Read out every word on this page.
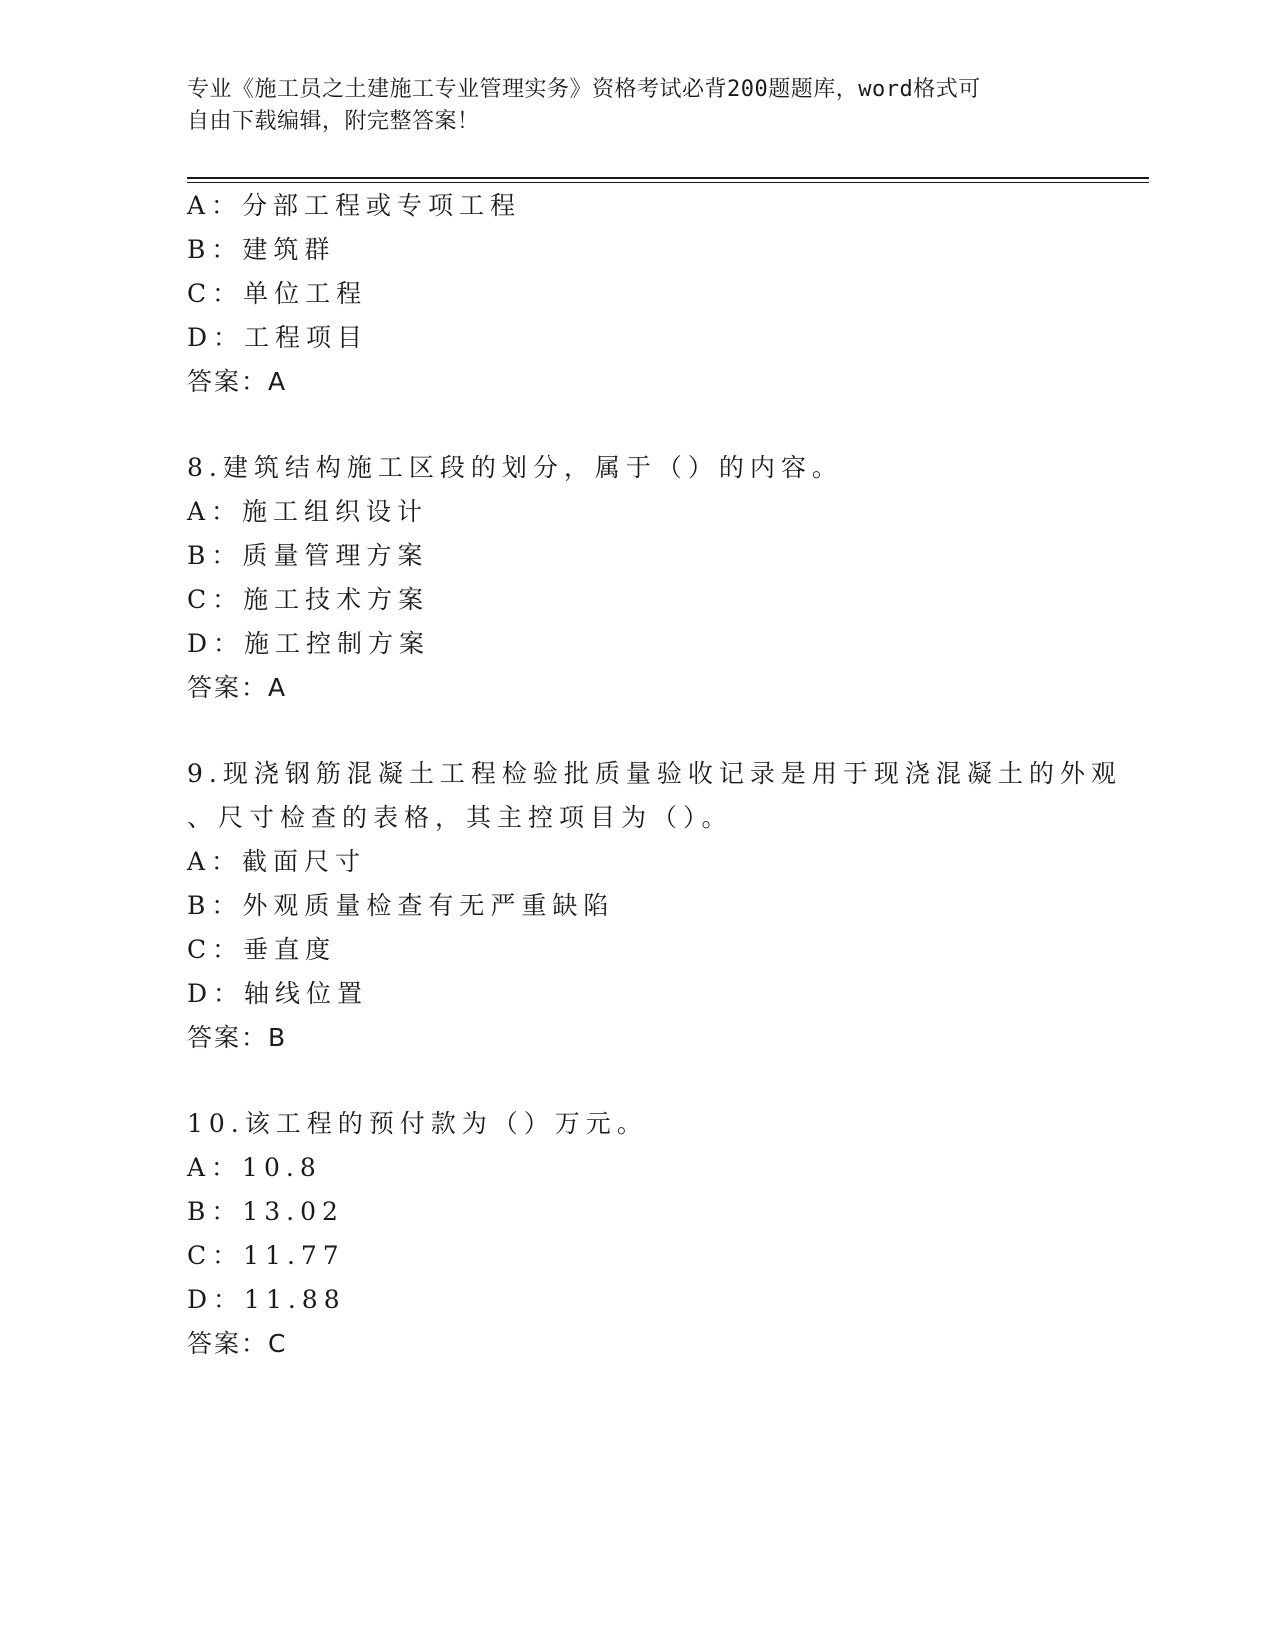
专业《施工员之土建施工专业管理实务》资格考试必背200题题库，word格式可
自由下载编辑，附完整答案！
A：分部工程或专项工程
B：建筑群
C：单位工程
D：工程项目
答案：A
8.建筑结构施工区段的划分，属于（）的内容。
A：施工组织设计
B：质量管理方案
C：施工技术方案
D：施工控制方案
答案：A
9.现浇钢筋混凝土工程检验批质量验收记录是用于现浇混凝土的外观
、尺寸检查的表格，其主控项目为（）。
A：截面尺寸
B：外观质量检查有无严重缺陷
C：垂直度
D：轴线位置
答案：B
10.该工程的预付款为（）万元。
A：10.8
B：13.02
C：11.77
D：11.88
答案：C
